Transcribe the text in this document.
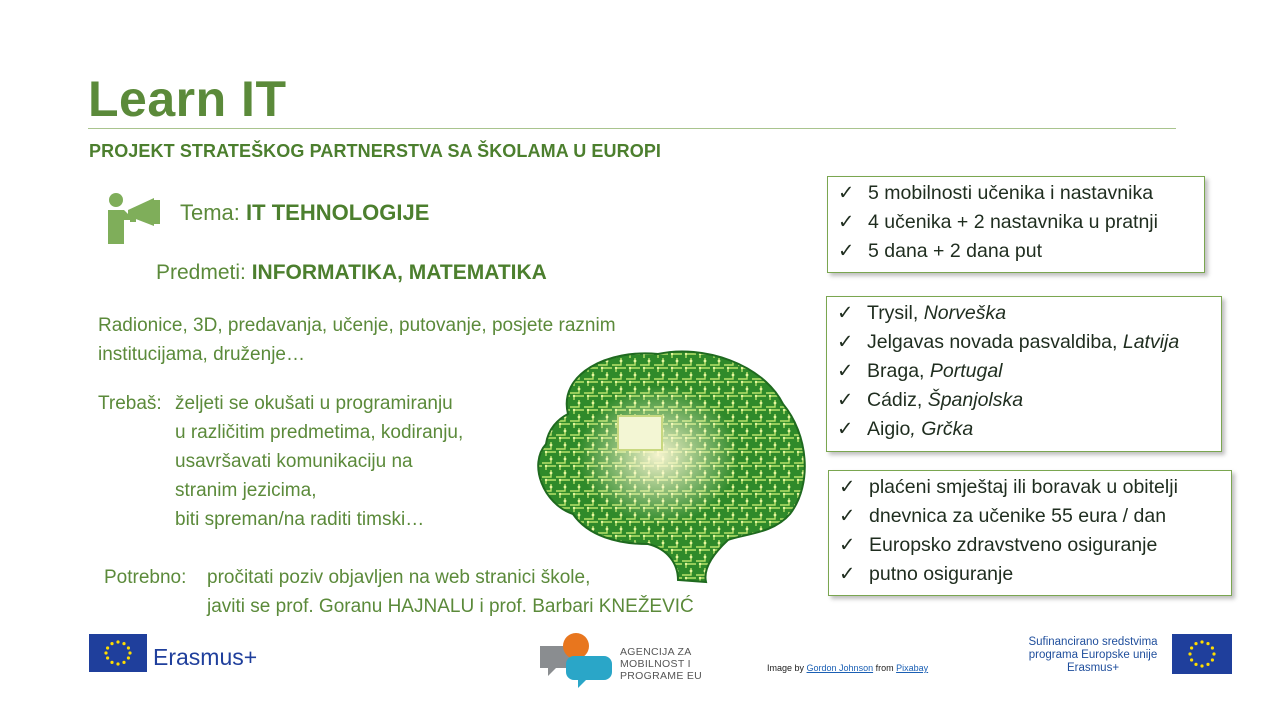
Learn IT
PROJEKT STRATEŠKOG PARTNERSTVA SA ŠKOLAMA U EUROPI
Tema: IT TEHNOLOGIJE
Predmeti: INFORMATIKA, MATEMATIKA
Radionice, 3D, predavanja, učenje, putovanje, posjete raznim
institucijama, druženje…
Trebaš: željeti se okušati u programiranju
u različitim predmetima, kodiranju,
usavršavati komunikaciju na
stranim jezicima,
biti spreman/na raditi timski…
Potrebno: pročitati poziv objavljen na web stranici škole,
javiti se prof. Goranu HAJNALU i prof. Barbari KNEŽEVIĆ
✓ 5 mobilnosti učenika i nastavnika
✓ 4 učenika + 2 nastavnika u pratnji
✓ 5 dana + 2 dana put
✓ Trysil, Norveška
✓ Jelgavas novada pasvaldiba, Latvija
✓ Braga, Portugal
✓ Cádiz, Španjolska
✓ Aigio, Grčka
✓ plaćeni smještaj ili boravak u obitelji
✓ dnevnica za učenike 55 eura / dan
✓ Europsko zdravstveno osiguranje
✓ putno osiguranje
Erasmus+	AGENCIJA ZA
MOBILNOST I
PROGRAME EU
Image by Gordon Johnson from Pixabay
Sufinancirano sredstvima
programa Europske unije
Erasmus+
